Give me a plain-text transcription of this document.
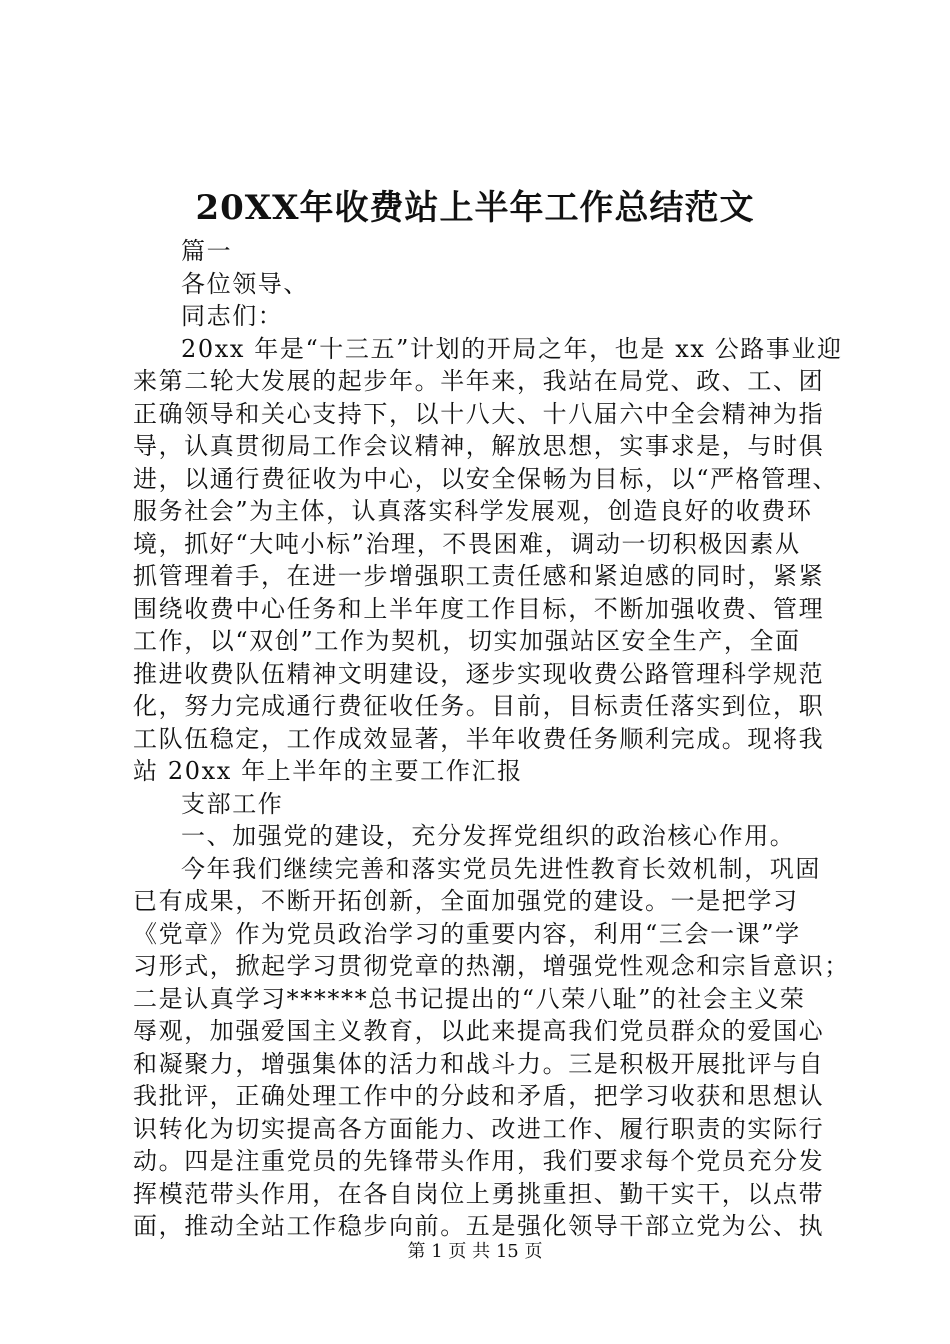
20XX年收费站上半年工作总结范文

篇一

各位领导、

同志们：

20xx 年是“十三五”计划的开局之年，也是 xx 公路事业迎

来第二轮大发展的起步年。半年来，我站在局党、政、工、团

正确领导和关心支持下，以十八大、十八届六中全会精神为指

导，认真贯彻局工作会议精神，解放思想，实事求是，与时俱

进，以通行费征收为中心，以安全保畅为目标，以“严格管理、

服务社会”为主体，认真落实科学发展观，创造良好的收费环

境，抓好“大吨小标”治理，不畏困难，调动一切积极因素从

抓管理着手，在进一步增强职工责任感和紧迫感的同时，紧紧

围绕收费中心任务和上半年度工作目标，不断加强收费、管理

工作，以“双创”工作为契机，切实加强站区安全生产，全面

推进收费队伍精神文明建设，逐步实现收费公路管理科学规范

化，努力完成通行费征收任务。目前，目标责任落实到位，职

工队伍稳定，工作成效显著，半年收费任务顺利完成。现将我

站 20xx 年上半年的主要工作汇报

支部工作

一、加强党的建设，充分发挥党组织的政治核心作用。

今年我们继续完善和落实党员先进性教育长效机制，巩固

已有成果，不断开拓创新，全面加强党的建设。一是把学习

《党章》作为党员政治学习的重要内容，利用“三会一课”学

习形式，掀起学习贯彻党章的热潮，增强党性观念和宗旨意识；

二是认真学习******总书记提出的“八荣八耻”的社会主义荣

辱观，加强爱国主义教育，以此来提高我们党员群众的爱国心

和凝聚力，增强集体的活力和战斗力。三是积极开展批评与自

我批评，正确处理工作中的分歧和矛盾，把学习收获和思想认

识转化为切实提高各方面能力、改进工作、履行职责的实际行

动。四是注重党员的先锋带头作用，我们要求每个党员充分发

挥模范带头作用，在各自岗位上勇挑重担、勤干实干，以点带

面，推动全站工作稳步向前。五是强化领导干部立党为公、执

第 1 页 共 15 页
